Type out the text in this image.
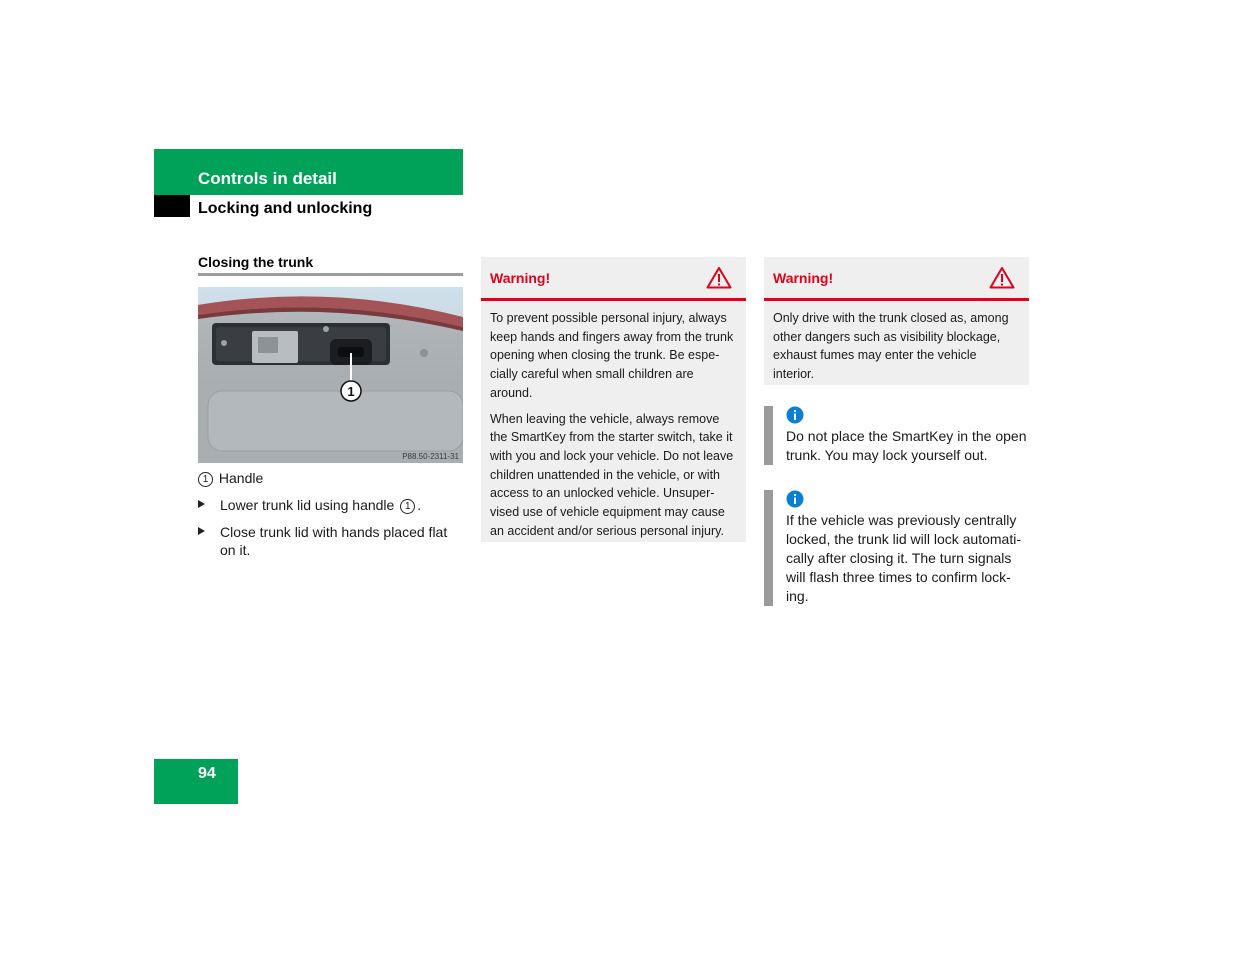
Controls in detail
Locking and unlocking
Closing the trunk
1
P88.50-2311-31
1 Handle
Lower trunk lid using handle 1 .
Close trunk lid with hands placed flat on it.
Warning!

To prevent possible personal injury, always keep hands and fingers away from the trunk opening when closing the trunk. Be espe-cially careful when small children are around.

When leaving the vehicle, always remove the SmartKey from the starter switch, take it with you and lock your vehicle. Do not leave children unattended in the vehicle, or with access to an unlocked vehicle. Unsuper-vised use of vehicle equipment may cause an accident and/or serious personal injury.

Warning!

Only drive with the trunk closed as, among other dangers such as visibility blockage, exhaust fumes may enter the vehicle interior.

Do not place the SmartKey in the open trunk. You may lock yourself out.
If the vehicle was previously centrally locked, the trunk lid will lock automati-cally after closing it. The turn signals will flash three times to confirm lock-ing.
94
